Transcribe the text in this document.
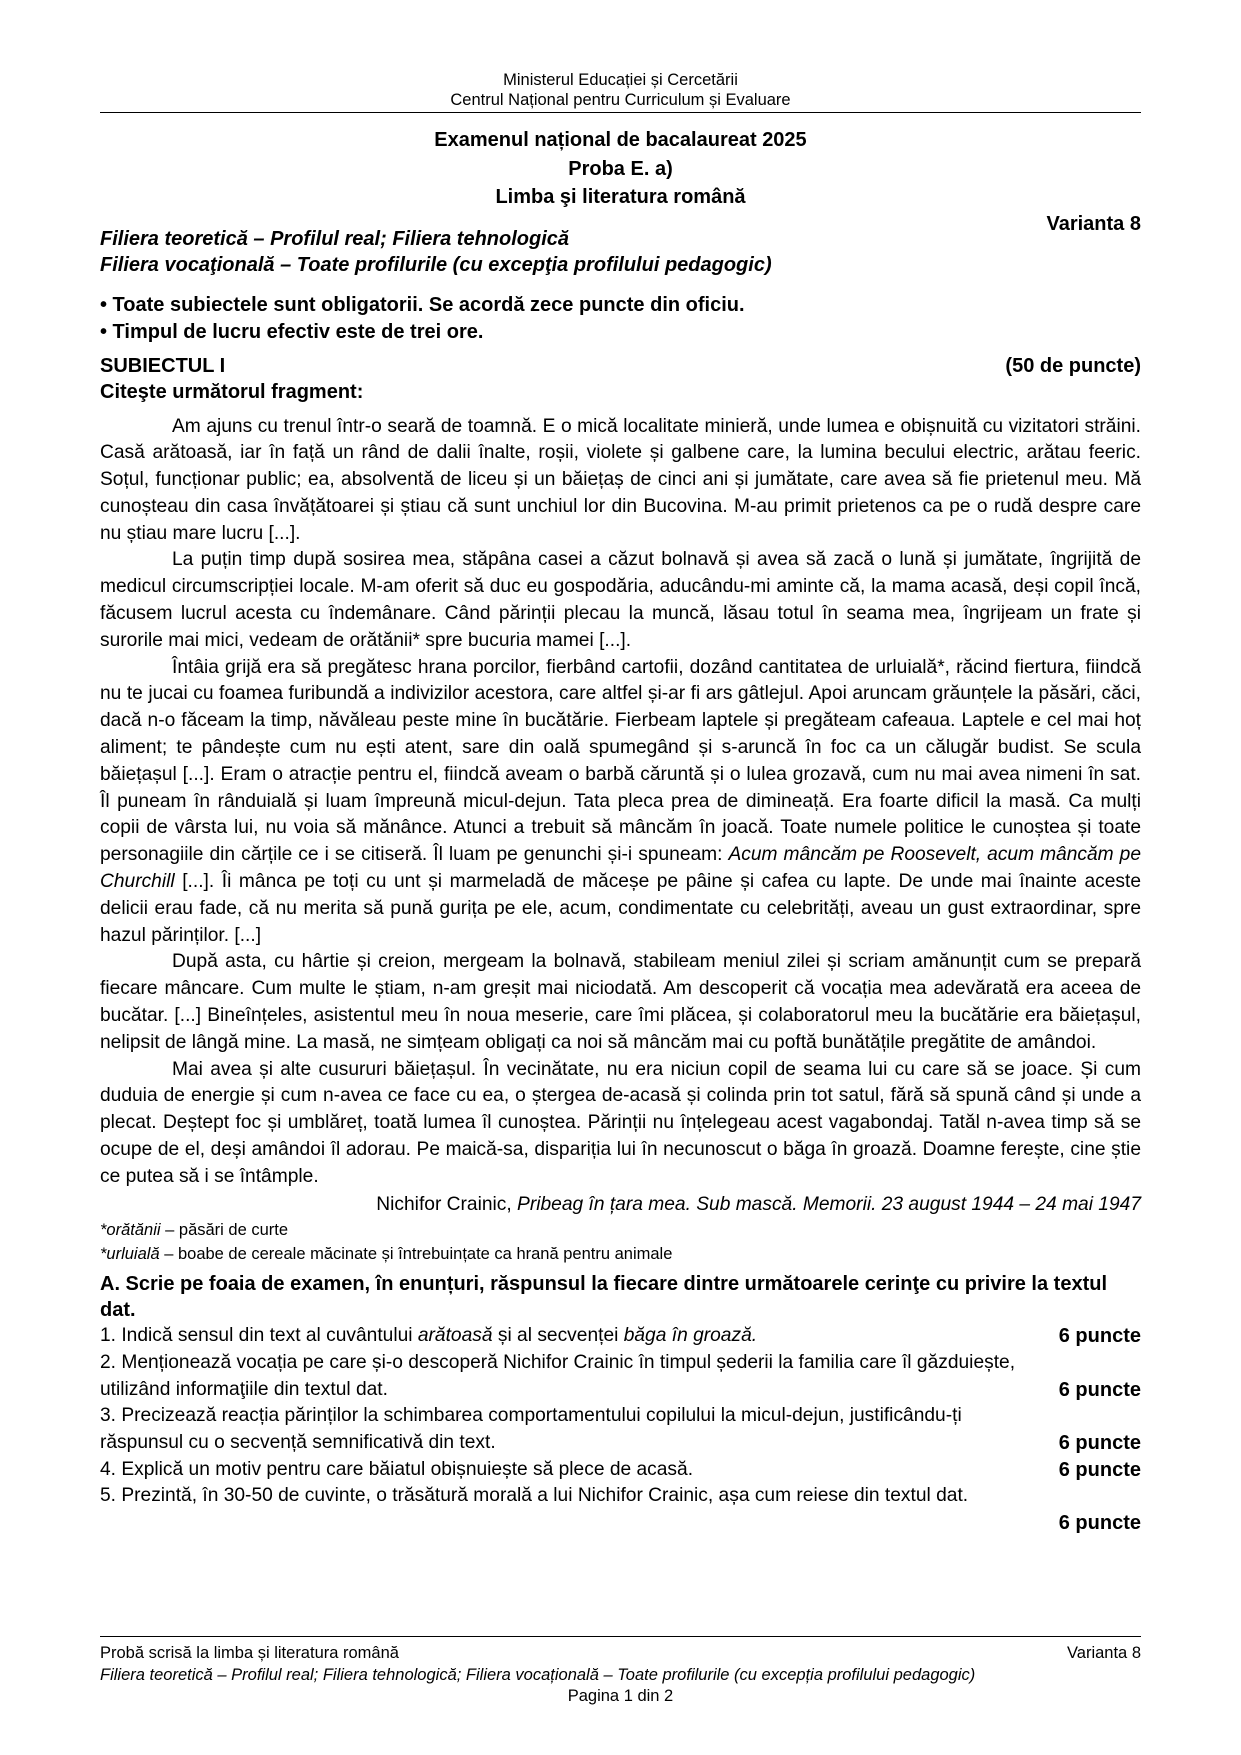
Ministerul Educației și Cercetării
Centrul Național pentru Curriculum și Evaluare
Examenul național de bacalaureat 2025
Proba E. a)
Limba şi literatura română
Varianta 8
Filiera teoretică – Profilul real; Filiera tehnologică
Filiera vocaţională – Toate profilurile (cu excepţia profilului pedagogic)
• Toate subiectele sunt obligatorii. Se acordă zece puncte din oficiu.
• Timpul de lucru efectiv este de trei ore.
SUBIECTUL I	(50 de puncte)
Citeşte următorul fragment:

Am ajuns cu trenul într-o seară de toamnă. E o mică localitate minieră, unde lumea e obișnuită cu vizitatori străini. Casă arătoasă, iar în față un rând de dalii înalte, roșii, violete și galbene care, la lumina becului electric, arătau feeric. Soțul, funcționar public; ea, absolventă de liceu și un băiețaș de cinci ani și jumătate, care avea să fie prietenul meu. Mă cunoșteau din casa învățătoarei și știau că sunt unchiul lor din Bucovina. M-au primit prietenos ca pe o rudă despre care nu știau mare lucru [...].

La puțin timp după sosirea mea, stăpâna casei a căzut bolnavă și avea să zacă o lună și jumătate, îngrijită de medicul circumscripției locale. M-am oferit să duc eu gospodăria, aducându-mi aminte că, la mama acasă, deși copil încă, făcusem lucrul acesta cu îndemânare. Când părinții plecau la muncă, lăsau totul în seama mea, îngrijeam un frate și surorile mai mici, vedeam de orătănii* spre bucuria mamei [...].

Întâia grijă era să pregătesc hrana porcilor, fierbând cartofii, dozând cantitatea de urluială*, răcind fiertura, fiindcă nu te jucai cu foamea furibundă a indivizilor acestora, care altfel și-ar fi ars gâtlejul. Apoi aruncam grăunțele la păsări, căci, dacă n-o făceam la timp, năvăleau peste mine în bucătărie. Fierbeam laptele și pregăteam cafeaua. Laptele e cel mai hoț aliment; te pândește cum nu ești atent, sare din oală spumegând și s-aruncă în foc ca un călugăr budist. Se scula băiețașul [...]. Eram o atracție pentru el, fiindcă aveam o barbă căruntă și o lulea grozavă, cum nu mai avea nimeni în sat. Îl puneam în rânduială și luam împreună micul-dejun. Tata pleca prea de dimineață. Era foarte dificil la masă. Ca mulți copii de vârsta lui, nu voia să mănânce. Atunci a trebuit să mâncăm în joacă. Toate numele politice le cunoștea și toate personagiile din cărțile ce i se citiseră. Îl luam pe genunchi și-i spuneam: Acum mâncăm pe Roosevelt, acum mâncăm pe Churchill [...]. Îi mânca pe toți cu unt și marmeladă de măceșe pe pâine și cafea cu lapte. De unde mai înainte aceste delicii erau fade, că nu merita să pună gurița pe ele, acum, condimentate cu celebrități, aveau un gust extraordinar, spre hazul părinților. [...]

După asta, cu hârtie și creion, mergeam la bolnavă, stabileam meniul zilei și scriam amănunțit cum se prepară fiecare mâncare. Cum multe le știam, n-am greșit mai niciodată. Am descoperit că vocația mea adevărată era aceea de bucătar. [...] Bineînțeles, asistentul meu în noua meserie, care îmi plăcea, și colaboratorul meu la bucătărie era băiețașul, nelipsit de lângă mine. La masă, ne simțeam obligați ca noi să mâncăm mai cu poftă bunătățile pregătite de amândoi.

Mai avea și alte cusururi băiețașul. În vecinătate, nu era niciun copil de seama lui cu care să se joace. Și cum duduia de energie și cum n-avea ce face cu ea, o ștergea de-acasă și colinda prin tot satul, fără să spună când și unde a plecat. Deștept foc și umblăreț, toată lumea îl cunoștea. Părinții nu înțelegeau acest vagabondaj. Tatăl n-avea timp să se ocupe de el, deși amândoi îl adorau. Pe maică-sa, dispariția lui în necunoscut o băga în groază. Doamne ferește, cine știe ce putea să i se întâmple.

Nichifor Crainic, Pribeag în țara mea. Sub mască. Memorii. 23 august 1944 – 24 mai 1947
*orătănii – păsări de curte
*urluială – boabe de cereale măcinate și întrebuințate ca hrană pentru animale
A. Scrie pe foaia de examen, în enunțuri, răspunsul la fiecare dintre următoarele cerinţe cu privire la textul dat.
1. Indică sensul din text al cuvântului arătoasă și al secvenței băga în groază.	6 puncte
2. Menționează vocația pe care și-o descoperă Nichifor Crainic în timpul șederii la familia care îl găzduiește,
utilizând informaţiile din textul dat.	6 puncte
3. Precizează reacția părinților la schimbarea comportamentului copilului la micul-dejun, justificându-ți
răspunsul cu o secvență semnificativă din text.	6 puncte
4. Explică un motiv pentru care băiatul obișnuiește să plece de acasă.	6 puncte
5. Prezintă, în 30-50 de cuvinte, o trăsătură morală a lui Nichifor Crainic, așa cum reiese din textul dat.
6 puncte
Probă scrisă la limba și literatura română	Varianta 8
Filiera teoretică – Profilul real; Filiera tehnologică; Filiera vocațională – Toate profilurile (cu excepția profilului pedagogic)
Pagina 1 din 2
